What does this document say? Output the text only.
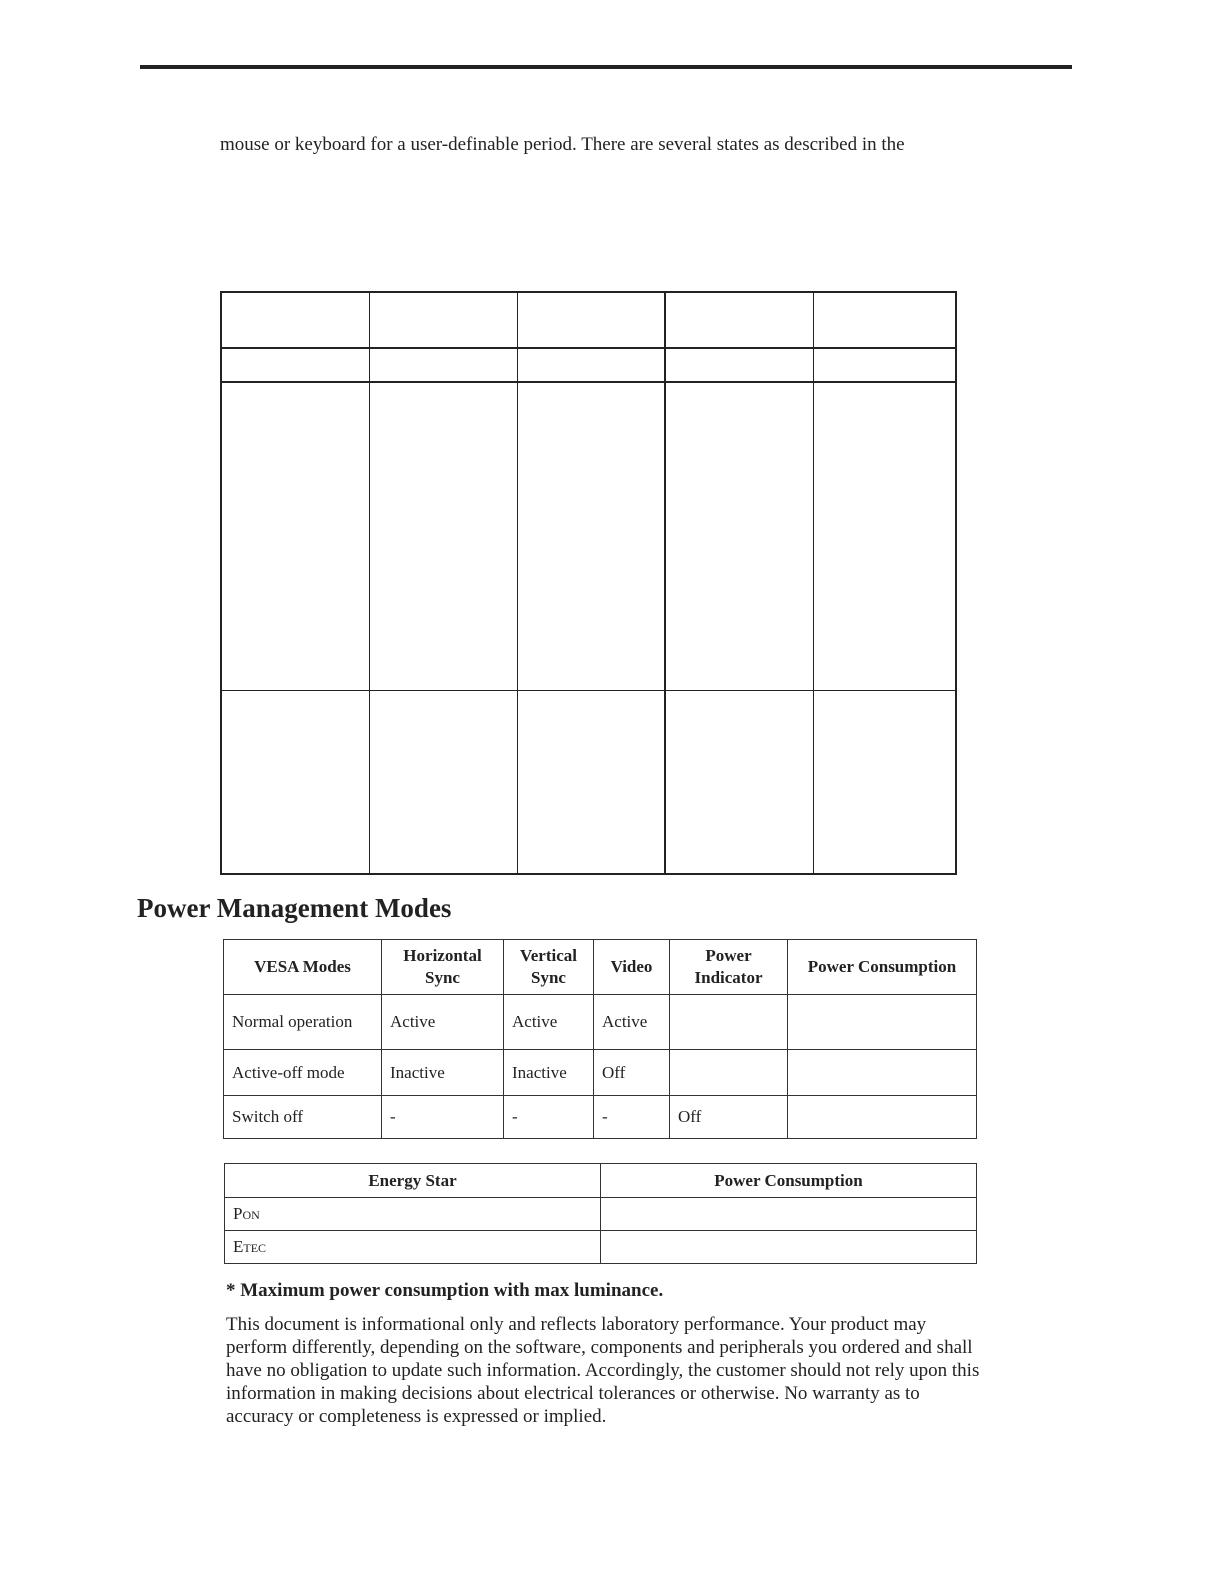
mouse or keyboard for a user-definable period. There are several states as described in the

Power Management Modes
VESA Modes	Horizontal Sync	Vertical Sync	Video	Power Indicator	Power Consumption
Normal operation	Active	Active	Active		
Active-off mode	Inactive	Inactive	Off		
Switch off	-	-	-	Off	
Energy Star	Power Consumption
Pon	
Etec	
* Maximum power consumption with max luminance.

This document is informational only and reflects laboratory performance. Your product may perform differently, depending on the software, components and peripherals you ordered and shall have no obligation to update such information. Accordingly, the customer should not rely upon this information in making decisions about electrical tolerances or otherwise. No warranty as to accuracy or completeness is expressed or implied.
